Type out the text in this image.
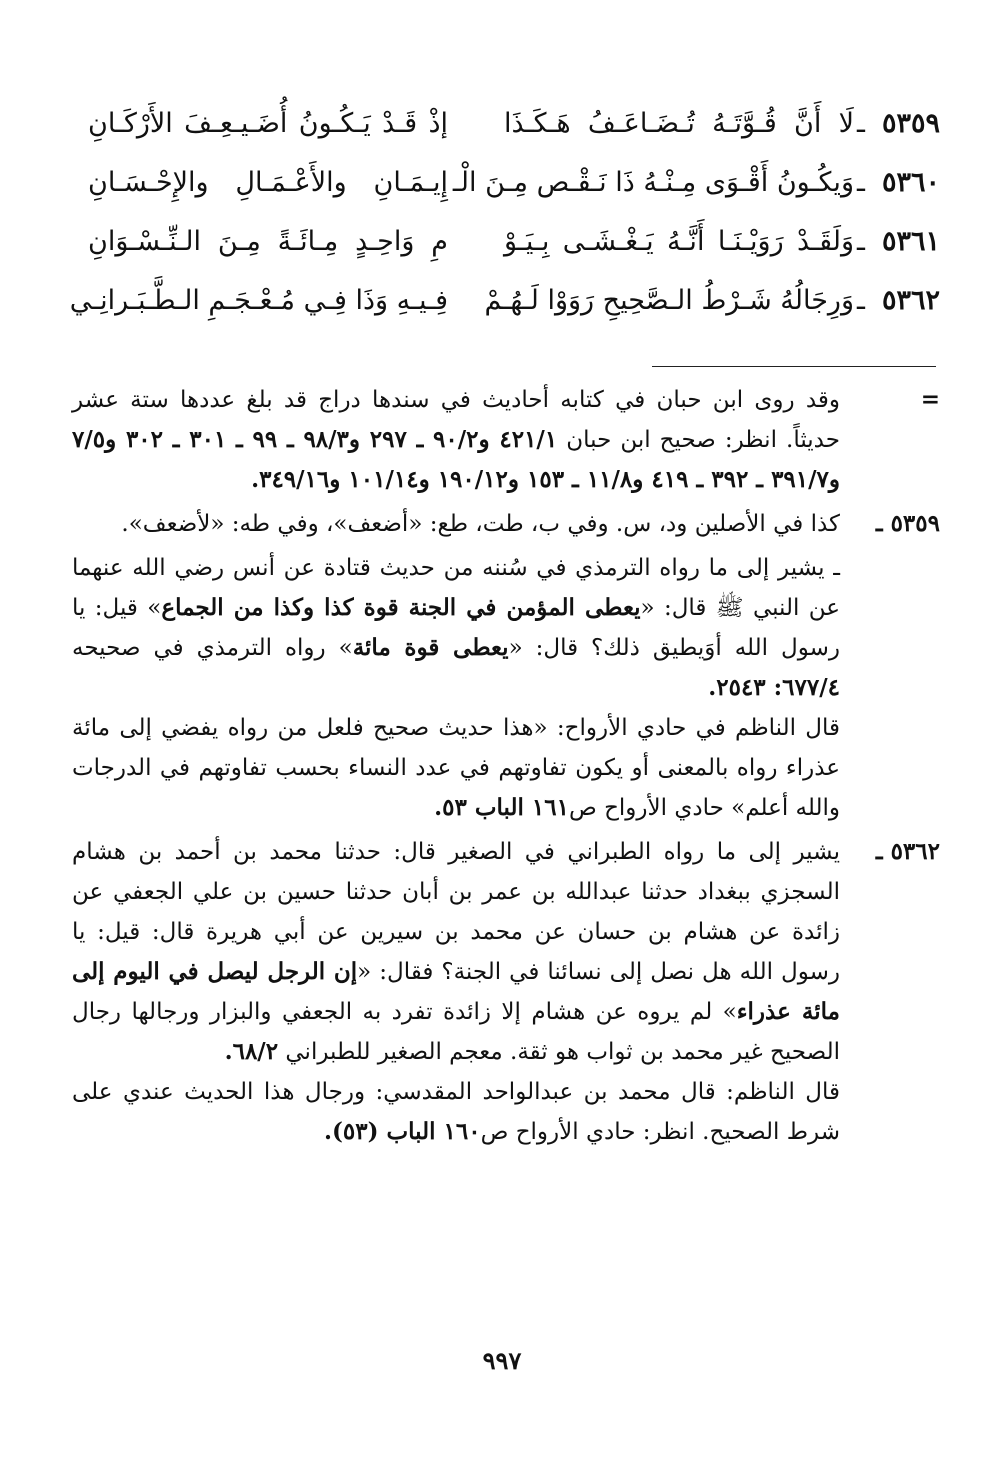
٥٣٥٩
ـ
لَا أَنَّ قُـوَّتَـهُ تُـضَـاعَـفُ هَـكَـذَا
إذْ قَـدْ يَـكُـونُ أُضَـيـعِـفَ الأَرْكَـانِ
٥٣٦٠
ـ
وَيكُـونُ أَقْـوَى مِـنْـهُ ذَا نَـقْـص مِـنَ الْـ
إِيـمَـانِ والأَعْـمَـالِ والإِحْـسَـانِ
٥٣٦١
ـ
وَلَقَـدْ رَوَيْـنَـا أَنَّـهُ يَـغْـشَـى بِـيَـوْ
مِ وَاحِـدٍ مِـائَـةً مِـنَ الـنِّـسْـوَانِ
٥٣٦٢
ـ
وَرِجَالُهُ شَـرْطُ الـصَّحِيحِ رَوَوْا لَـهُـمْ
فِـيـهِ وَذَا فِـي مُـعْـجَـمِ الـطَّـبَـرانِـي
=

وقد روى ابن حبان في كتابه أحاديث في سندها دراج قد بلغ عددها ستة عشر حديثاً. انظر: صحيح ابن حبان ٤٢١/١ و٩٠/٢ ـ ٢٩٧ و٩٨/٣ ـ ٩٩ ـ ٣٠١ ـ ٣٠٢ و٧/٥ و٣٩١/٧ ـ ٣٩٢ ـ ٤١٩ و١١/٨ ـ ١٥٣ و١٩٠/١٢ و١٠١/١٤ و٣٤٩/١٦.

٥٣٥٩ ـ

كذا في الأصلين ود، س. وفي ب، طت، طع: «أضعف»، وفي طه: «لأضعف».

ـ يشير إلى ما رواه الترمذي في سُننه من حديث قتادة عن أنس رضي الله عنهما عن النبي ﷺ قال: «يعطى المؤمن في الجنة قوة كذا وكذا من الجماع» قيل: يا رسول الله أوَيطيق ذلك؟ قال: «يعطى قوة مائة» رواه الترمذي في صحيحه ٦٧٧/٤: ٢٥٤٣.

قال الناظم في حادي الأرواح: «هذا حديث صحيح فلعل من رواه يفضي إلى مائة عذراء رواه بالمعنى أو يكون تفاوتهم في عدد النساء بحسب تفاوتهم في الدرجات والله أعلم» حادي الأرواح ص١٦١ الباب ٥٣.

٥٣٦٢ ـ

يشير إلى ما رواه الطبراني في الصغير قال: حدثنا محمد بن أحمد بن هشام السجزي ببغداد حدثنا عبدالله بن عمر بن أبان حدثنا حسين بن علي الجعفي عن زائدة عن هشام بن حسان عن محمد بن سيرين عن أبي هريرة قال: قيل: يا رسول الله هل نصل إلى نسائنا في الجنة؟ فقال: «إن الرجل ليصل في اليوم إلى مائة عذراء» لم يروه عن هشام إلا زائدة تفرد به الجعفي والبزار ورجالها رجال الصحيح غير محمد بن ثواب هو ثقة. معجم الصغير للطبراني ٦٨/٢.

قال الناظم: قال محمد بن عبدالواحد المقدسي: ورجال هذا الحديث عندي على شرط الصحيح. انظر: حادي الأرواح ص١٦٠ الباب (٥٣).

٩٩٧
